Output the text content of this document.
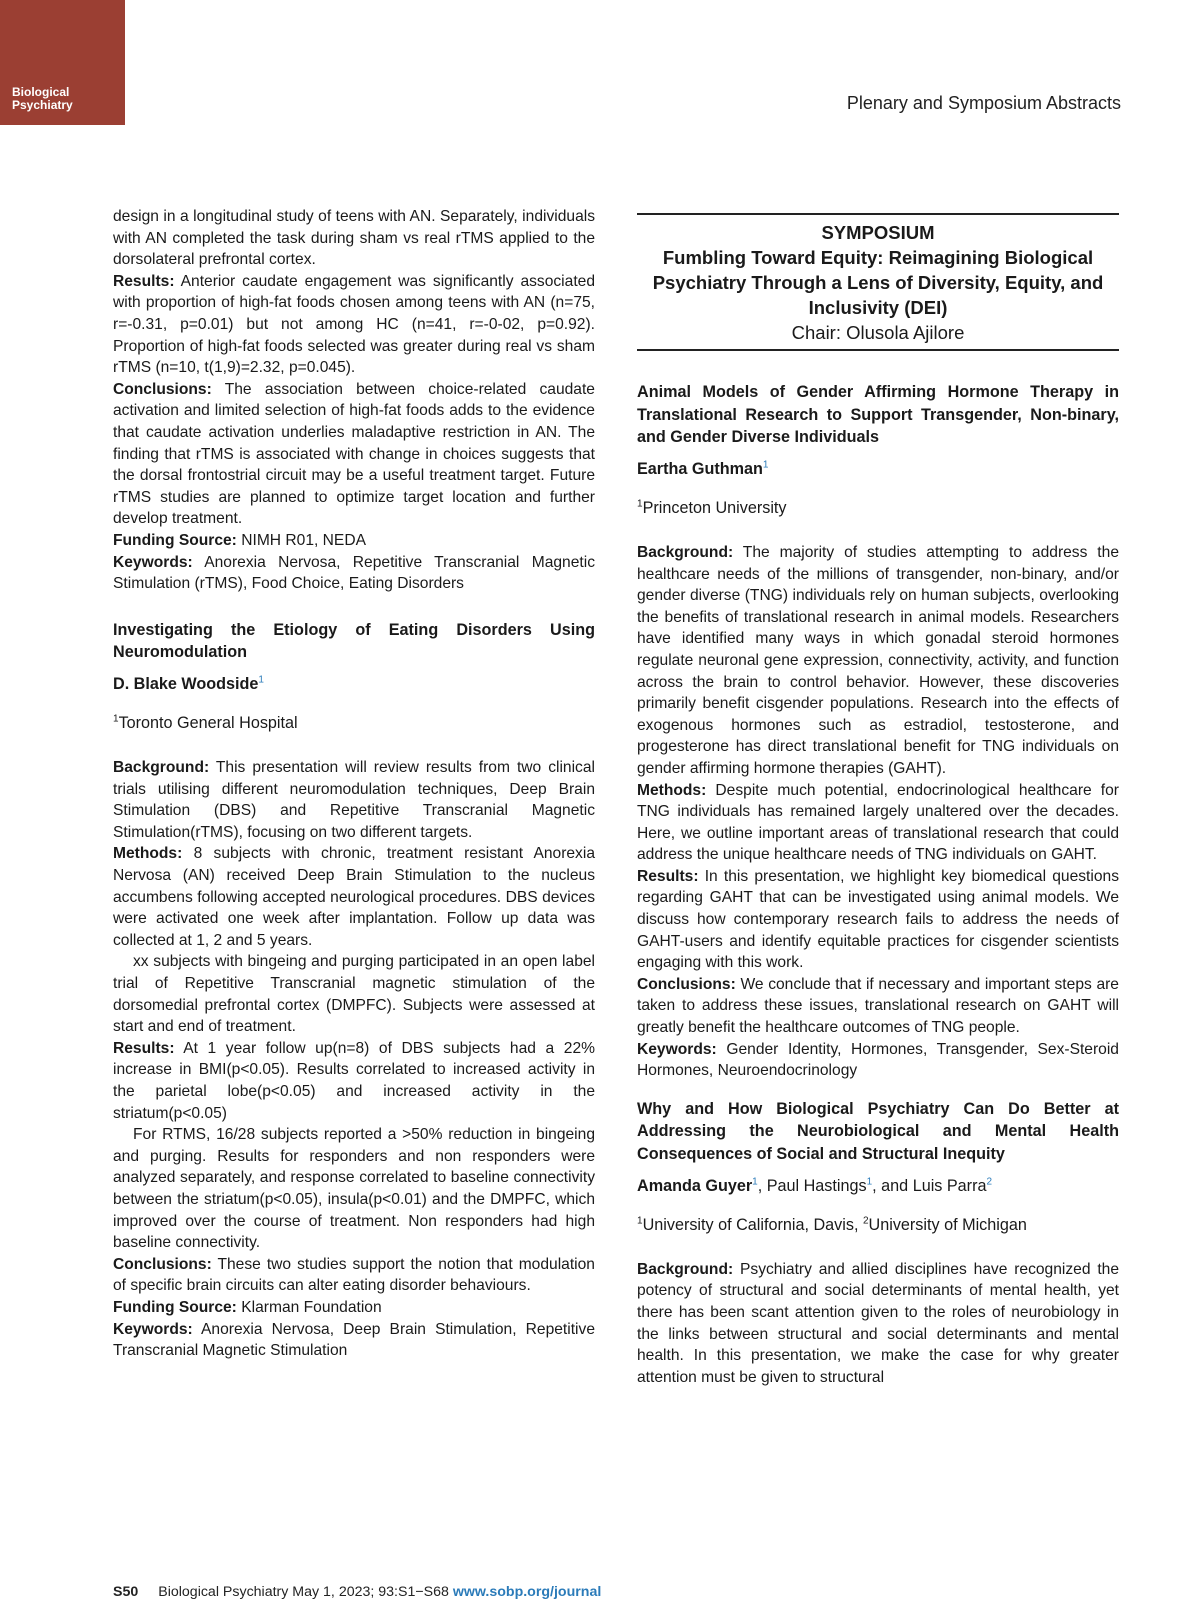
Biological
Psychiatry	Plenary and Symposium Abstracts

design in a longitudinal study of teens with AN. Separately, individuals with AN completed the task during sham vs real rTMS applied to the dorsolateral prefrontal cortex.

Results: Anterior caudate engagement was significantly associated with proportion of high-fat foods chosen among teens with AN (n=75, r=-0.31, p=0.01) but not among HC (n=41, r=-0-02, p=0.92). Proportion of high-fat foods selected was greater during real vs sham rTMS (n=10, t(1,9)=2.32, p=0.045).

Conclusions: The association between choice-related caudate activation and limited selection of high-fat foods adds to the evidence that caudate activation underlies maladaptive restriction in AN. The finding that rTMS is associated with change in choices suggests that the dorsal frontostrial circuit may be a useful treatment target. Future rTMS studies are planned to optimize target location and further develop treatment.

Funding Source: NIMH R01, NEDA

Keywords: Anorexia Nervosa, Repetitive Transcranial Magnetic Stimulation (rTMS), Food Choice, Eating Disorders

Investigating the Etiology of Eating Disorders Using Neuromodulation

D. Blake Woodside$^1$
$^1$Toronto General Hospital

Background: This presentation will review results from two clinical trials utilising different neuromodulation techniques, Deep Brain Stimulation (DBS) and Repetitive Transcranial Magnetic Stimulation(rTMS), focusing on two different targets.

Methods: 8 subjects with chronic, treatment resistant Anorexia Nervosa (AN) received Deep Brain Stimulation to the nucleus accumbens following accepted neurological procedures. DBS devices were activated one week after implantation. Follow up data was collected at 1, 2 and 5 years.

xx subjects with bingeing and purging participated in an open label trial of Repetitive Transcranial magnetic stimulation of the dorsomedial prefrontal cortex (DMPFC). Subjects were assessed at start and end of treatment.

Results: At 1 year follow up(n=8) of DBS subjects had a 22% increase in BMI(p<0.05). Results correlated to increased activity in the parietal lobe(p<0.05) and increased activity in the striatum(p<0.05)

For RTMS, 16/28 subjects reported a >50% reduction in bingeing and purging. Results for responders and non responders were analyzed separately, and response correlated to baseline connectivity between the striatum(p<0.05), insula(p<0.01) and the DMPFC, which improved over the course of treatment. Non responders had high baseline connectivity.

Conclusions: These two studies support the notion that modulation of specific brain circuits can alter eating disorder behaviours.

Funding Source: Klarman Foundation

Keywords: Anorexia Nervosa, Deep Brain Stimulation, Repetitive Transcranial Magnetic Stimulation

SYMPOSIUM
Fumbling Toward Equity: Reimagining Biological Psychiatry Through a Lens of Diversity, Equity, and Inclusivity (DEI)
Chair: Olusola Ajilore

Animal Models of Gender Affirming Hormone Therapy in Translational Research to Support Transgender, Non-binary, and Gender Diverse Individuals

Eartha Guthman$^1$
$^1$Princeton University

Background: The majority of studies attempting to address the healthcare needs of the millions of transgender, non-binary, and/or gender diverse (TNG) individuals rely on human subjects, overlooking the benefits of translational research in animal models. Researchers have identified many ways in which gonadal steroid hormones regulate neuronal gene expression, connectivity, activity, and function across the brain to control behavior. However, these discoveries primarily benefit cisgender populations. Research into the effects of exogenous hormones such as estradiol, testosterone, and progesterone has direct translational benefit for TNG individuals on gender affirming hormone therapies (GAHT).

Methods: Despite much potential, endocrinological healthcare for TNG individuals has remained largely unaltered over the decades. Here, we outline important areas of translational research that could address the unique healthcare needs of TNG individuals on GAHT.

Results: In this presentation, we highlight key biomedical questions regarding GAHT that can be investigated using animal models. We discuss how contemporary research fails to address the needs of GAHT-users and identify equitable practices for cisgender scientists engaging with this work.

Conclusions: We conclude that if necessary and important steps are taken to address these issues, translational research on GAHT will greatly benefit the healthcare outcomes of TNG people.

Keywords: Gender Identity, Hormones, Transgender, Sex-Steroid Hormones, Neuroendocrinology

Why and How Biological Psychiatry Can Do Better at Addressing the Neurobiological and Mental Health Consequences of Social and Structural Inequity

Amanda Guyer$^1$, Paul Hastings$^1$, and Luis Parra$^2$
$^1$University of California, Davis, $^2$University of Michigan

Background: Psychiatry and allied disciplines have recognized the potency of structural and social determinants of mental health, yet there has been scant attention given to the roles of neurobiology in the links between structural and social determinants and mental health. In this presentation, we make the case for why greater attention must be given to structural

S50 Biological Psychiatry May 1, 2023; 93:S1−S68 www.sobp.org/journal
